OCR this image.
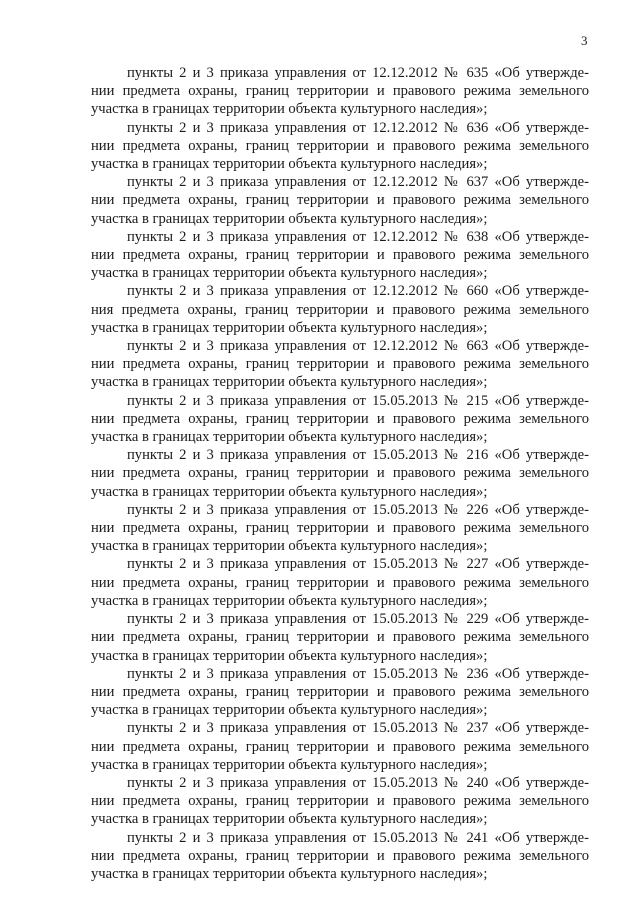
3

пункты 2 и 3 приказа управления от 12.12.2012 № 635 «Об утвержде-
нии предмета охраны, границ территории и правового режима земельного
участка в границах территории объекта культурного наследия»;

пункты 2 и 3 приказа управления от 12.12.2012 № 636 «Об утвержде-
нии предмета охраны, границ территории и правового режима земельного
участка в границах территории объекта культурного наследия»;

пункты 2 и 3 приказа управления от 12.12.2012 № 637 «Об утвержде-
нии предмета охраны, границ территории и правового режима земельного
участка в границах территории объекта культурного наследия»;

пункты 2 и 3 приказа управления от 12.12.2012 № 638 «Об утвержде-
нии предмета охраны, границ территории и правового режима земельного
участка в границах территории объекта культурного наследия»;

пункты 2 и 3 приказа управления от 12.12.2012 № 660 «Об утвержде-
ния предмета охраны, границ территории и правового режима земельного
участка в границах территории объекта культурного наследия»;

пункты 2 и 3 приказа управления от 12.12.2012 № 663 «Об утвержде-
нии предмета охраны, границ территории и правового режима земельного
участка в границах территории объекта культурного наследия»;

пункты 2 и 3 приказа управления от 15.05.2013 № 215 «Об утвержде-
нии предмета охраны, границ территории и правового режима земельного
участка в границах территории объекта культурного наследия»;

пункты 2 и 3 приказа управления от 15.05.2013 № 216 «Об утвержде-
нии предмета охраны, границ территории и правового режима земельного
участка в границах территории объекта культурного наследия»;

пункты 2 и 3 приказа управления от 15.05.2013 № 226 «Об утвержде-
нии предмета охраны, границ территории и правового режима земельного
участка в границах территории объекта культурного наследия»;

пункты 2 и 3 приказа управления от 15.05.2013 № 227 «Об утвержде-
нии предмета охраны, границ территории и правового режима земельного
участка в границах территории объекта культурного наследия»;

пункты 2 и 3 приказа управления от 15.05.2013 № 229 «Об утвержде-
нии предмета охраны, границ территории и правового режима земельного
участка в границах территории объекта культурного наследия»;

пункты 2 и 3 приказа управления от 15.05.2013 № 236 «Об утвержде-
нии предмета охраны, границ территории и правового режима земельного
участка в границах территории объекта культурного наследия»;

пункты 2 и 3 приказа управления от 15.05.2013 № 237 «Об утвержде-
нии предмета охраны, границ территории и правового режима земельного
участка в границах территории объекта культурного наследия»;

пункты 2 и 3 приказа управления от 15.05.2013 № 240 «Об утвержде-
нии предмета охраны, границ территории и правового режима земельного
участка в границах территории объекта культурного наследия»;

пункты 2 и 3 приказа управления от 15.05.2013 № 241 «Об утвержде-
нии предмета охраны, границ территории и правового режима земельного
участка в границах территории объекта культурного наследия»;
